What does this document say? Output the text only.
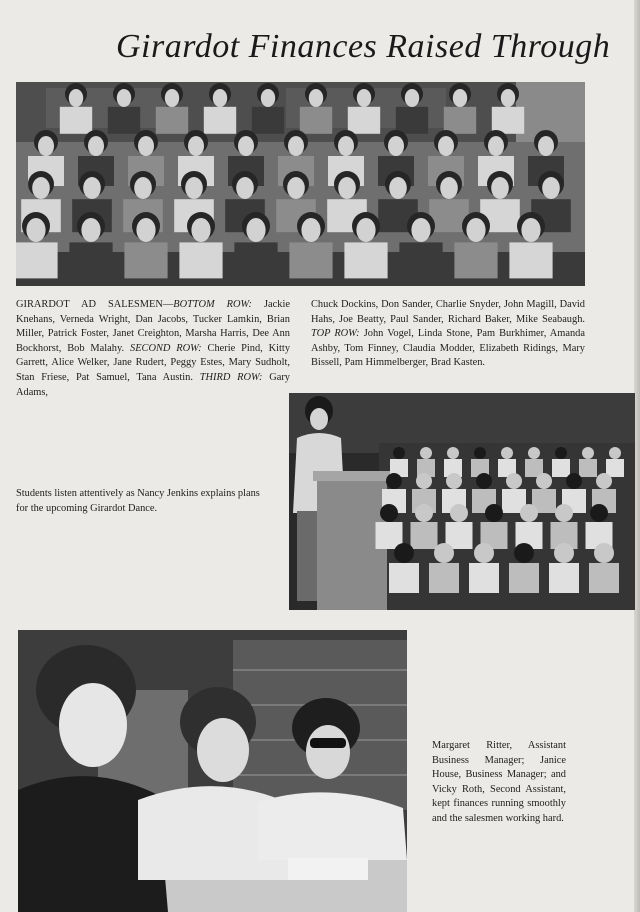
Girardot Finances Raised Through
GIRARDOT AD SALESMEN—BOTTOM ROW: Jackie Knehans, Verneda Wright, Dan Jacobs, Tucker Lamkin, Brian Miller, Patrick Foster, Janet Creighton, Marsha Harris, Dee Ann Bockhorst, Bob Malahy. SECOND ROW: Cherie Pind, Kitty Garrett, Alice Welker, Jane Rudert, Peggy Estes, Mary Sudholt, Stan Friese, Pat Samuel, Tana Austin. THIRD ROW: Gary Adams,
Chuck Dockins, Don Sander, Charlie Snyder, John Magill, David Hahs, Joe Beatty, Paul Sander, Richard Baker, Mike Seabaugh. TOP ROW: John Vogel, Linda Stone, Pam Burkhimer, Amanda Ashby, Tom Finney, Claudia Modder, Elizabeth Ridings, Mary Bissell, Pam Himmelberger, Brad Kasten.
Students listen attentively as Nancy Jenkins explains plans for the upcoming Girardot Dance.
Margaret Ritter, Assistant Business Manager; Janice House, Business Manager; and Vicky Roth, Second Assistant, kept finances running smoothly and the salesmen working hard.
